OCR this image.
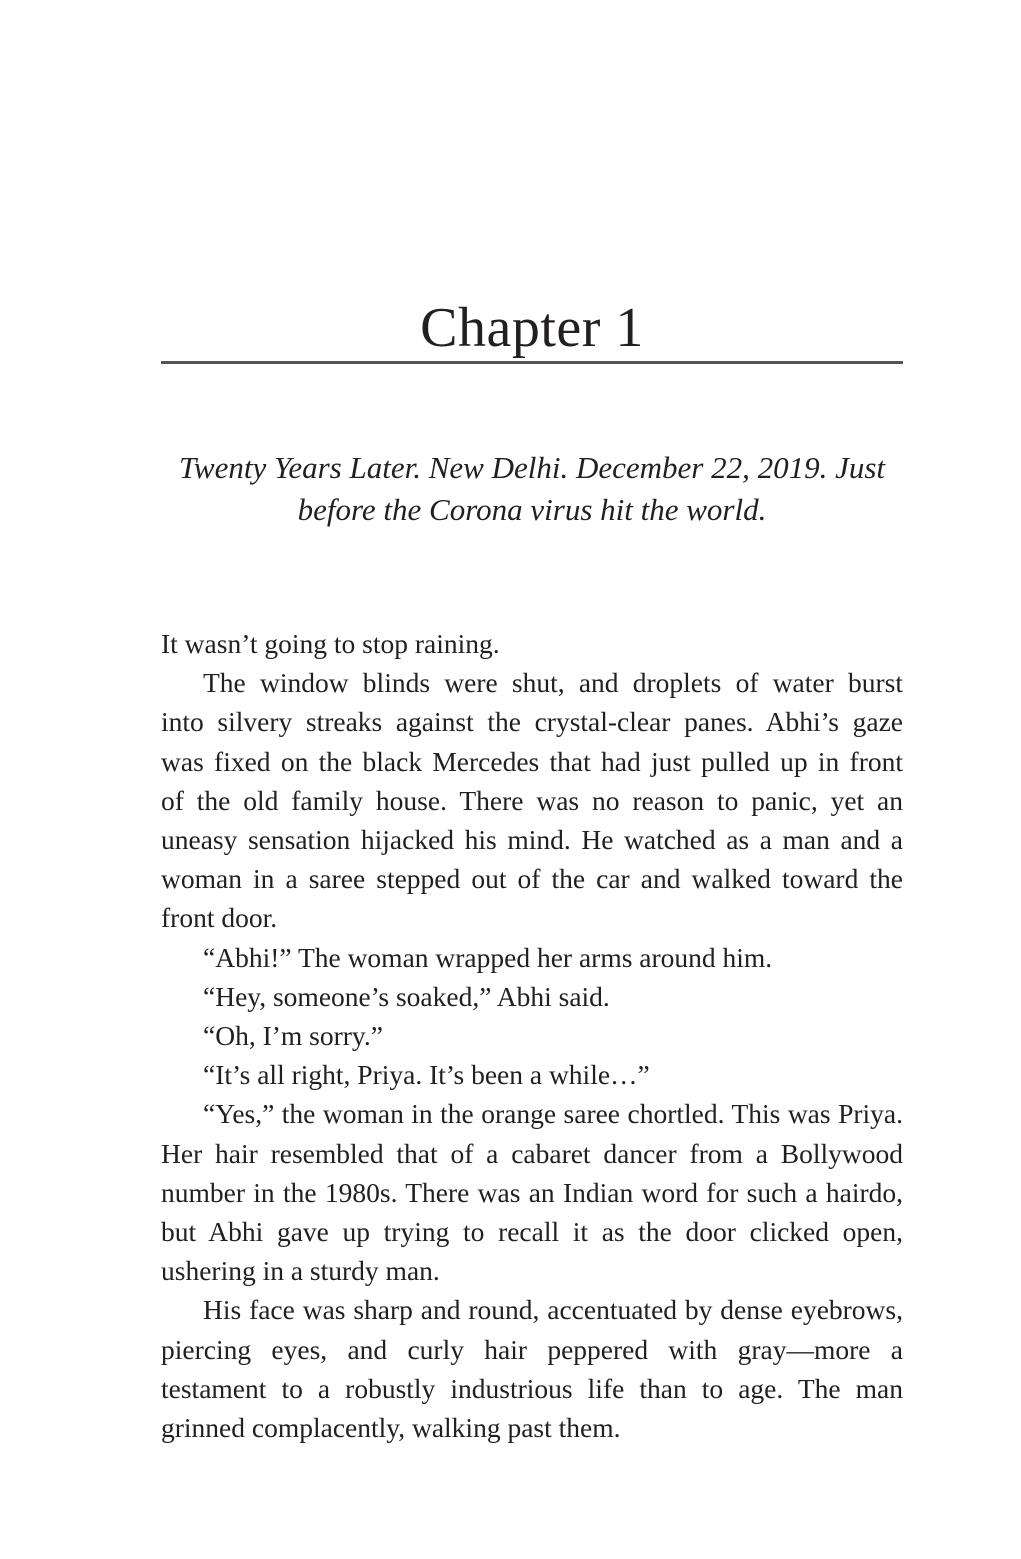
Chapter 1
Twenty Years Later. New Delhi. December 22, 2019. Just
before the Corona virus hit the world.
It wasn’t going to stop raining.
The window blinds were shut, and droplets of water burst
into silvery streaks against the crystal-clear panes. Abhi’s gaze
was fixed on the black Mercedes that had just pulled up in front
of the old family house. There was no reason to panic, yet an
uneasy sensation hijacked his mind. He watched as a man and a
woman in a saree stepped out of the car and walked toward the
front door.
“Abhi!” The woman wrapped her arms around him.
“Hey, someone’s soaked,” Abhi said.
“Oh, I’m sorry.”
“It’s all right, Priya. It’s been a while…”
“Yes,” the woman in the orange saree chortled. This was Priya.
Her hair resembled that of a cabaret dancer from a Bollywood
number in the 1980s. There was an Indian word for such a hairdo,
but Abhi gave up trying to recall it as the door clicked open,
ushering in a sturdy man.
His face was sharp and round, accentuated by dense eyebrows,
piercing eyes, and curly hair peppered with gray—more a
testament to a robustly industrious life than to age. The man
grinned complacently, walking past them.
